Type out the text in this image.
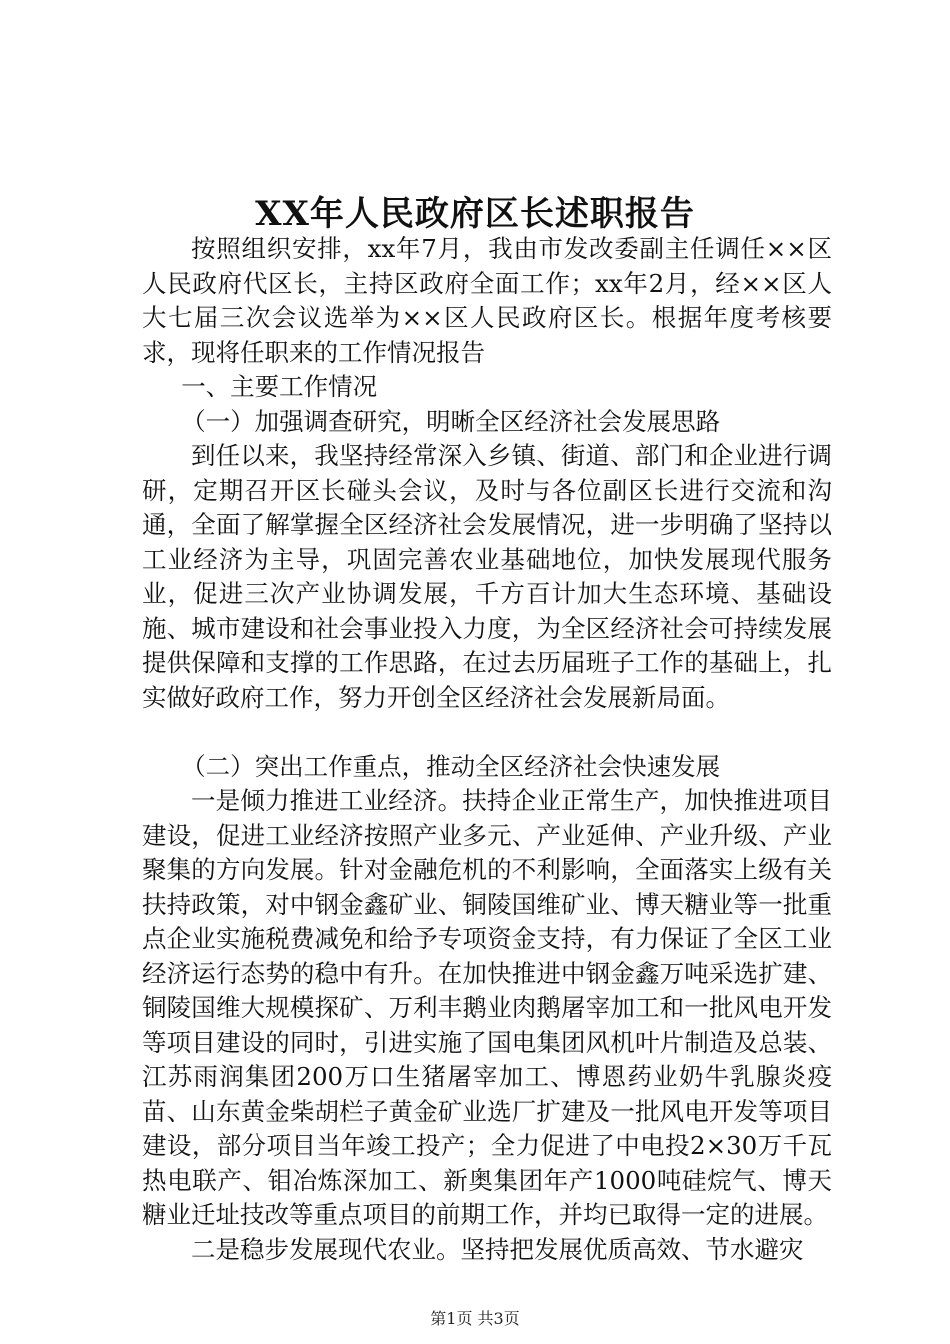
XX年人民政府区长述职报告

按照组织安排，xx年7月，我由市发改委副主任调任××区人民政府代区长，主持区政府全面工作；xx年2月，经××区人大七届三次会议选举为××区人民政府区长。根据年度考核要求，现将任职来的工作情况报告

一、主要工作情况

（一）加强调查研究，明晰全区经济社会发展思路

到任以来，我坚持经常深入乡镇、街道、部门和企业进行调研，定期召开区长碰头会议，及时与各位副区长进行交流和沟通，全面了解掌握全区经济社会发展情况，进一步明确了坚持以工业经济为主导，巩固完善农业基础地位，加快发展现代服务业，促进三次产业协调发展，千方百计加大生态环境、基础设施、城市建设和社会事业投入力度，为全区经济社会可持续发展提供保障和支撑的工作思路，在过去历届班子工作的基础上，扎实做好政府工作，努力开创全区经济社会发展新局面。

（二）突出工作重点，推动全区经济社会快速发展

一是倾力推进工业经济。扶持企业正常生产，加快推进项目建设，促进工业经济按照产业多元、产业延伸、产业升级、产业聚集的方向发展。针对金融危机的不利影响，全面落实上级有关扶持政策，对中钢金鑫矿业、铜陵国维矿业、博天糖业等一批重点企业实施税费减免和给予专项资金支持，有力保证了全区工业经济运行态势的稳中有升。在加快推进中钢金鑫万吨采选扩建、铜陵国维大规模探矿、万利丰鹅业肉鹅屠宰加工和一批风电开发等项目建设的同时，引进实施了国电集团风机叶片制造及总装、江苏雨润集团200万口生猪屠宰加工、博恩药业奶牛乳腺炎疫苗、山东黄金柴胡栏子黄金矿业选厂扩建及一批风电开发等项目建设，部分项目当年竣工投产；全力促进了中电投2×30万千瓦热电联产、钼冶炼深加工、新奥集团年产1000吨硅烷气、博天糖业迁址技改等重点项目的前期工作，并均已取得一定的进展。

二是稳步发展现代农业。坚持把发展优质高效、节水避灾

第1页 共3页
